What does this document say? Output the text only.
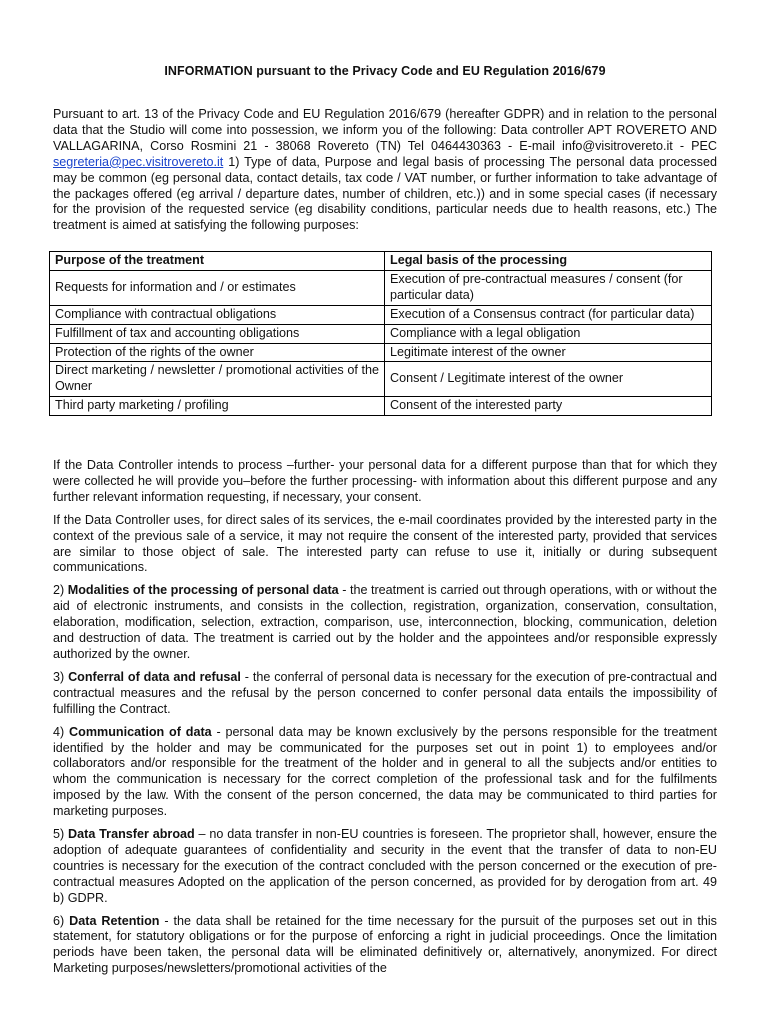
INFORMATION pursuant to the Privacy Code and EU Regulation 2016/679

Pursuant to art. 13 of the Privacy Code and EU Regulation 2016/679 (hereafter GDPR) and in relation to the personal data that the Studio will come into possession, we inform you of the following: Data controller APT ROVERETO AND VALLAGARINA, Corso Rosmini 21 - 38068 Rovereto (TN) Tel 0464430363 - E-mail info@visitrovereto.it - PEC segreteria@pec.visitrovereto.it 1) Type of data, Purpose and legal basis of processing The personal data processed may be common (eg personal data, contact details, tax code / VAT number, or further information to take advantage of the packages offered (eg arrival / departure dates, number of children, etc.)) and in some special cases (if necessary for the provision of the requested service (eg disability conditions, particular needs due to health reasons, etc.) The treatment is aimed at satisfying the following purposes:

Purpose of the treatment	Legal basis of the processing
Requests for information and / or estimates	Execution of pre-contractual measures / consent (for particular data)
Compliance with contractual obligations	Execution of a Consensus contract (for particular data)
Fulfillment of tax and accounting obligations	Compliance with a legal obligation
Protection of the rights of the owner	Legitimate interest of the owner
Direct marketing / newsletter / promotional activities of the Owner	Consent / Legitimate interest of the owner
Third party marketing / profiling	Consent of the interested party

If the Data Controller intends to process –further- your personal data for a different purpose than that for which they were collected he will provide you–before the further processing- with information about this different purpose and any further relevant information requesting, if necessary, your consent.

If the Data Controller uses, for direct sales of its services, the e-mail coordinates provided by the interested party in the context of the previous sale of a service, it may not require the consent of the interested party, provided that services are similar to those object of sale. The interested party can refuse to use it, initially or during subsequent communications.

2) Modalities of the processing of personal data - the treatment is carried out through operations, with or without the aid of electronic instruments, and consists in the collection, registration, organization, conservation, consultation, elaboration, modification, selection, extraction, comparison, use, interconnection, blocking, communication, deletion and destruction of data. The treatment is carried out by the holder and the appointees and/or responsible expressly authorized by the owner.

3) Conferral of data and refusal - the conferral of personal data is necessary for the execution of pre-contractual and contractual measures and the refusal by the person concerned to confer personal data entails the impossibility of fulfilling the Contract.

4) Communication of data - personal data may be known exclusively by the persons responsible for the treatment identified by the holder and may be communicated for the purposes set out in point 1) to employees and/or collaborators and/or responsible for the treatment of the holder and in general to all the subjects and/or entities to whom the communication is necessary for the correct completion of the professional task and for the fulfilments imposed by the law. With the consent of the person concerned, the data may be communicated to third parties for marketing purposes.

5) Data Transfer abroad – no data transfer in non-EU countries is foreseen. The proprietor shall, however, ensure the adoption of adequate guarantees of confidentiality and security in the event that the transfer of data to non-EU countries is necessary for the execution of the contract concluded with the person concerned or the execution of pre-contractual measures Adopted on the application of the person concerned, as provided for by derogation from art. 49 b) GDPR.

6) Data Retention - the data shall be retained for the time necessary for the pursuit of the purposes set out in this statement, for statutory obligations or for the purpose of enforcing a right in judicial proceedings. Once the limitation periods have been taken, the personal data will be eliminated definitively or, alternatively, anonymized. For direct Marketing purposes/newsletters/promotional activities of the
